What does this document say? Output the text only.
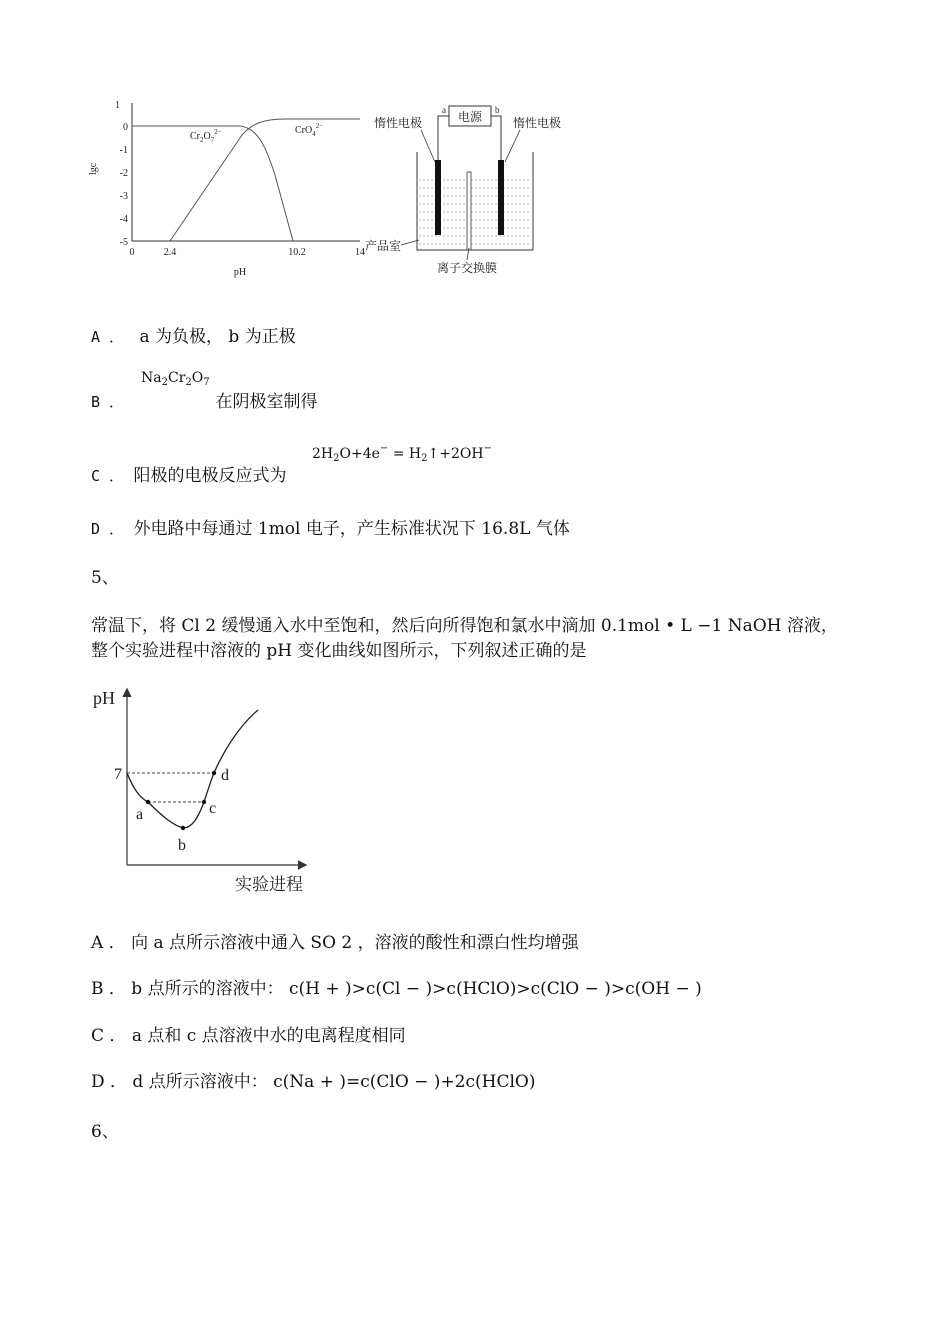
1
0
-1
-2
-3
-4
-5
lgc
0	2.4	10.2	14
pH
$Cr_2O_7^{2-}$	CrO$_4^{2-}$
电源
a	b
惰性电极	惰性电极
产品室
离子交换膜
A ． a 为负极， b 为正极
$Na_2Cr_2O_7$
B ．	在阴极室制得
$2H_2O+4e^-$ = $H_2↑+2OH^-$
C ． 阳极的电极反应式为
D ． 外电路中每通过 1mol 电子，产生标准状况下 16.8L 气体
5、
常温下，将 Cl 2 缓慢通入水中至饱和，然后向所得饱和氯水中滴加 0.1mol • L −1 NaOH 溶液，
整个实验进程中溶液的 pH 变化曲线如图所示，下列叙述正确的是
pH
实验进程
7
a
b
c
d
A ． 向 a 点所示溶液中通入 SO 2 ，溶液的酸性和漂白性均增强
B ． b 点所示的溶液中： c(H + )>c(Cl − )>c(HClO)>c(ClO − )>c(OH − )
C ． a 点和 c 点溶液中水的电离程度相同
D ． d 点所示溶液中： c(Na + )=c(ClO − )+2c(HClO)
6、
